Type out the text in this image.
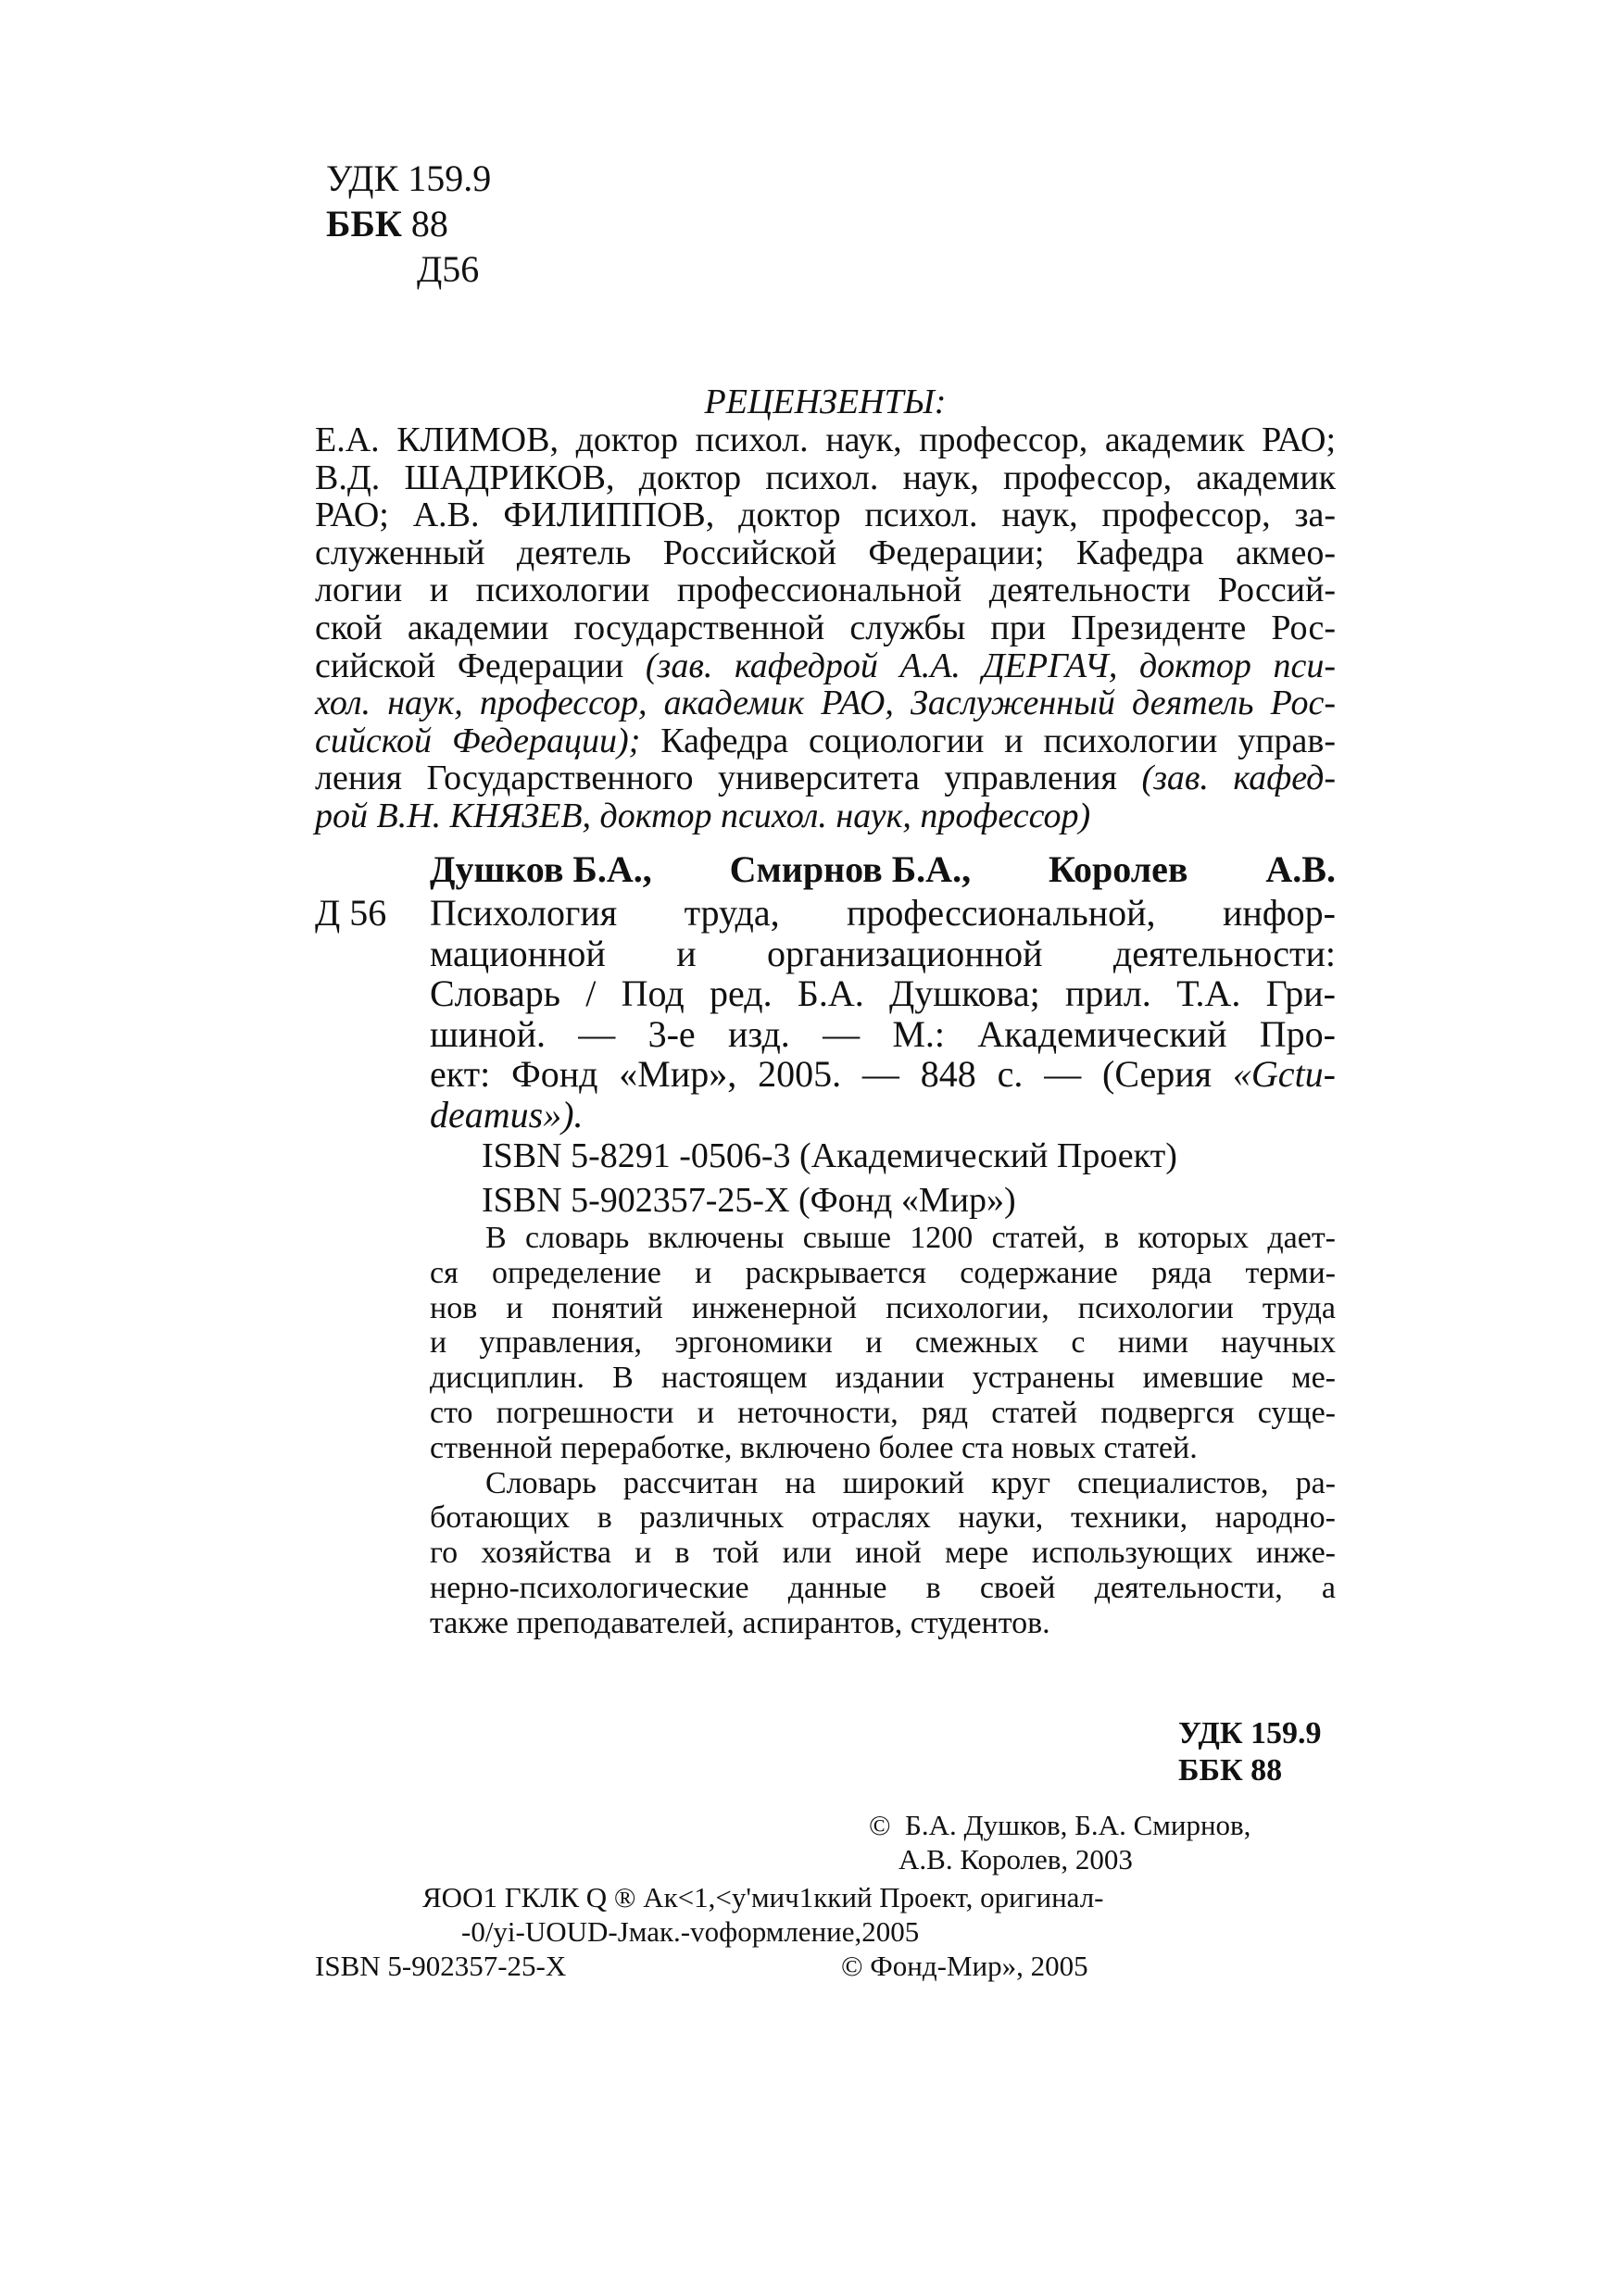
УДК 159.9
ББК 88
Д56
РЕЦЕНЗЕНТЫ:
Е.А. КЛИМОВ, доктор психол. наук, профессор, академик РАО;
В.Д. ШАДРИКОВ, доктор психол. наук, профессор, академик
РАО; А.В. ФИЛИППОВ, доктор психол. наук, профессор, за-
служенный деятель Российской Федерации; Кафедра акмео-
логии и психологии профессиональной деятельности Россий-
ской академии государственной службы при Президенте Рос-
сийской Федерации (зав. кафедрой А.А. ДЕРГАЧ, доктор пси-
хол. наук, профессор, академик РАО, Заслуженный деятель Рос-
сийской Федерации); Кафедра социологии и психологии управ-
ления Государственного университета управления (зав. кафед-
рой В.Н. КНЯЗЕВ, доктор психол. наук, профессор)
Душков Б.А., Смирнов Б.А., Королев А.В.
Д 56 Психология труда, профессиональной, инфор-
мационной и организационной деятельности:
Словарь / Под ред. Б.А. Душкова; прил. Т.А. Гри-
шиной. — 3-е изд. — М.: Академический Про-
ект: Фонд «Мир», 2005. — 848 с. — (Серия «Gctu-
deamus»).
ISBN 5-8291 -0506-3 (Академический Проект)
ISBN 5-902357-25-Х (Фонд «Мир»)
В словарь включены свыше 1200 статей, в которых дает-
ся определение и раскрывается содержание ряда терми-
нов и понятий инженерной психологии, психологии труда
и управления, эргономики и смежных с ними научных
дисциплин. В настоящем издании устранены имевшие ме-
сто погрешности и неточности, ряд статей подвергся суще-
ственной переработке, включено более ста новых статей.
Словарь рассчитан на широкий круг специалистов, ра-
ботающих в различных отраслях науки, техники, народно-
го хозяйства и в той или иной мере использующих инже-
нерно-психологические данные в своей деятельности, а
также преподавателей, аспирантов, студентов.
УДК 159.9
ББК 88
©  Б.А. Душков, Б.А. Смирнов,
А.В. Королев, 2003
ЯOO1 ГКЛК Q ® Ак<1,<у'мич1ккий Проект, оригинал-
-0/yi-UOUD-Jмак.-voформление,2005
ISBN 5-902357-25-X	© Фонд-Мир», 2005
